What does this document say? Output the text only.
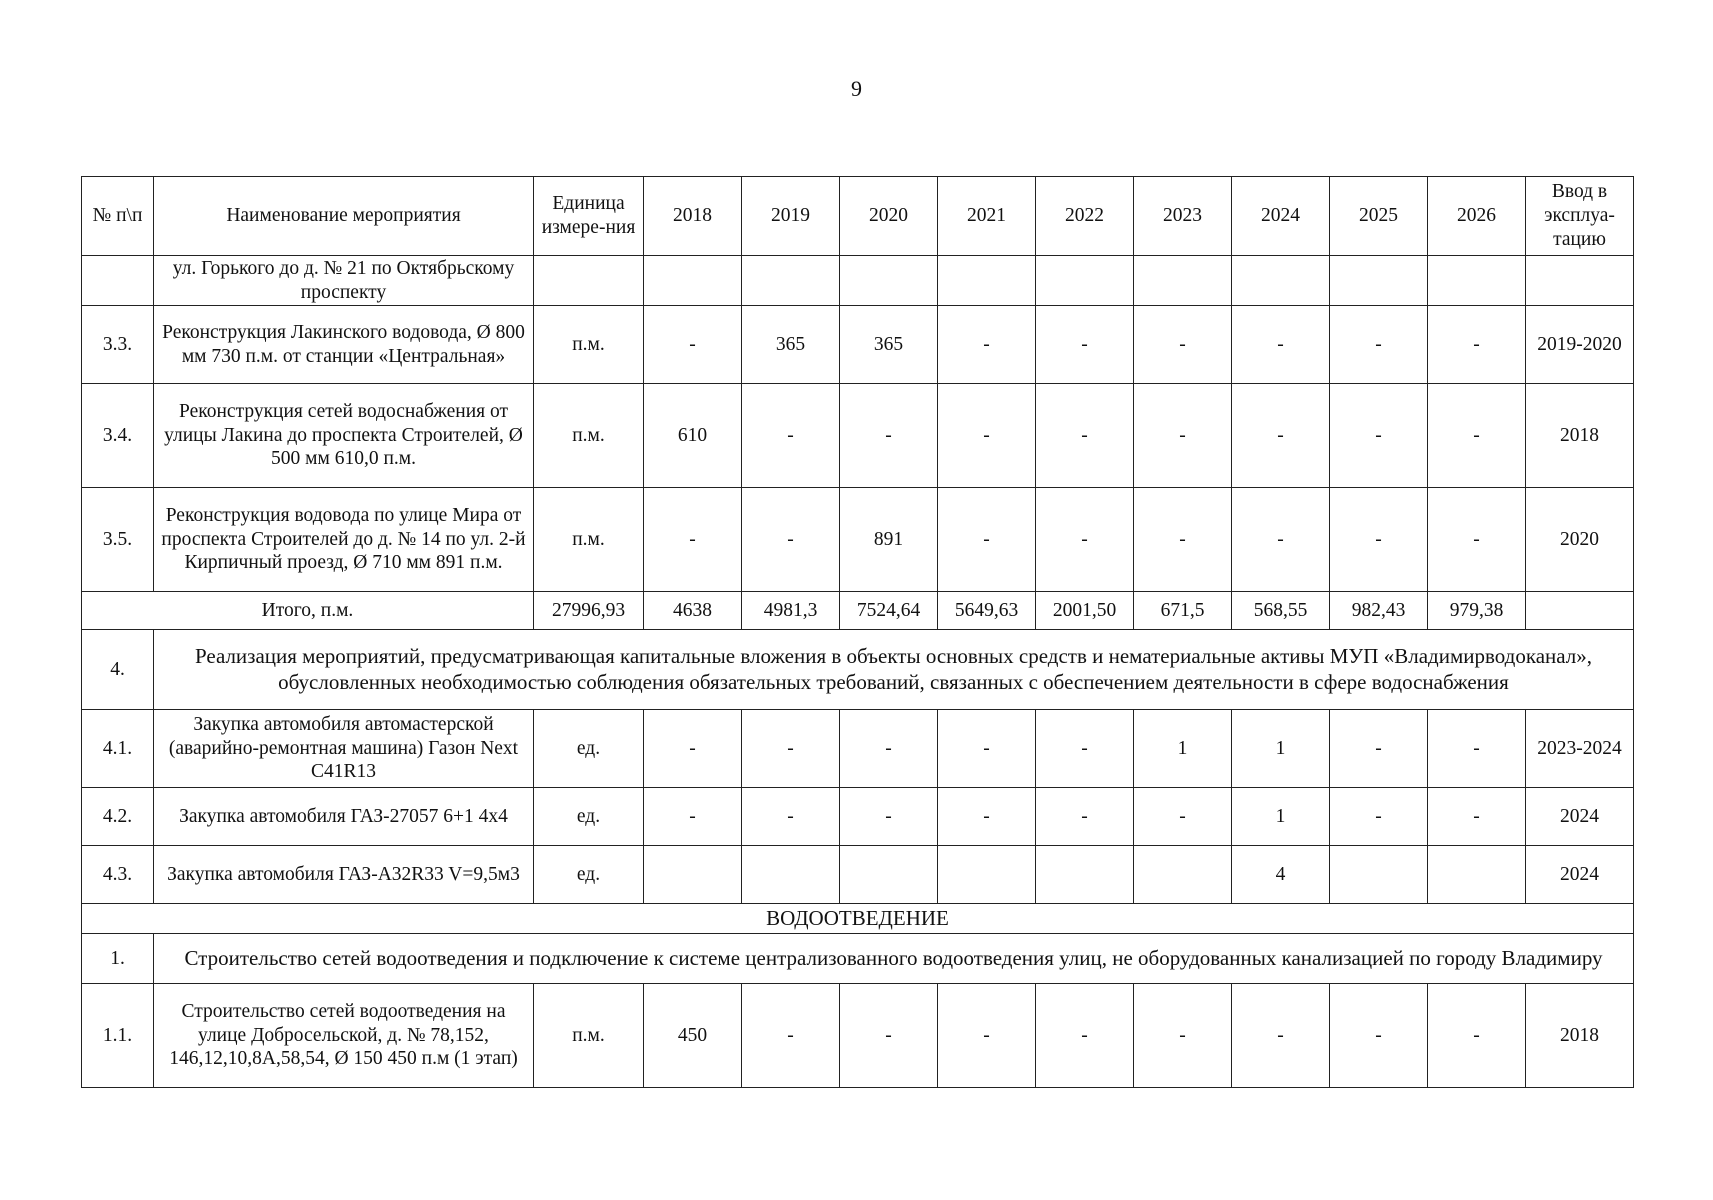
9
№ п\п	Наименование мероприятия	Единица измере-ния	2018	2019	2020	2021	2022	2023	2024	2025	2026	Ввод в эксплуа-тацию
	ул. Горького до д. № 21 по Октябрьскому проспекту											
3.3.	Реконструкция Лакинского водовода, Ø 800 мм 730 п.м. от станции «Центральная»	п.м.	-	365	365	-	-	-	-	-	-	2019-2020
3.4.	Реконструкция сетей водоснабжения от улицы Лакина до проспекта Строителей, Ø 500 мм 610,0 п.м.	п.м.	610	-	-	-	-	-	-	-	-	2018
3.5.	Реконструкция водовода по улице Мира от проспекта Строителей до д. № 14 по ул. 2-й Кирпичный проезд, Ø 710 мм 891 п.м.	п.м.	-	-	891	-	-	-	-	-	-	2020
Итого, п.м.		27996,93	4638	4981,3	7524,64	5649,63	2001,50	671,5	568,55	982,43	979,38	
4.	Реализация мероприятий, предусматривающая капитальные вложения в объекты основных средств и нематериальные активы МУП «Владимирводоканал», обусловленных необходимостью соблюдения обязательных требований, связанных с обеспечением деятельности в сфере водоснабжения											
4.1.	Закупка автомобиля автомастерской (аварийно-ремонтная машина) Газон Next C41R13	ед.	-	-	-	-	-	1	1	-	-	2023-2024
4.2.	Закупка автомобиля ГАЗ-27057 6+1 4х4	ед.	-	-	-	-	-	-	1	-	-	2024
4.3.	Закупка автомобиля ГАЗ-А32R33 V=9,5м3	ед.							4			2024
ВОДООТВЕДЕНИЕ												
1.	Строительство сетей водоотведения и подключение к системе централизованного водоотведения улиц, не оборудованных канализацией по городу Владимиру											
1.1.	Строительство сетей водоотведения на улице Добросельской, д. № 78,152, 146,12,10,8А,58,54, Ø 150 450 п.м (1 этап)	п.м.	450	-	-	-	-	-	-	-	-	2018
